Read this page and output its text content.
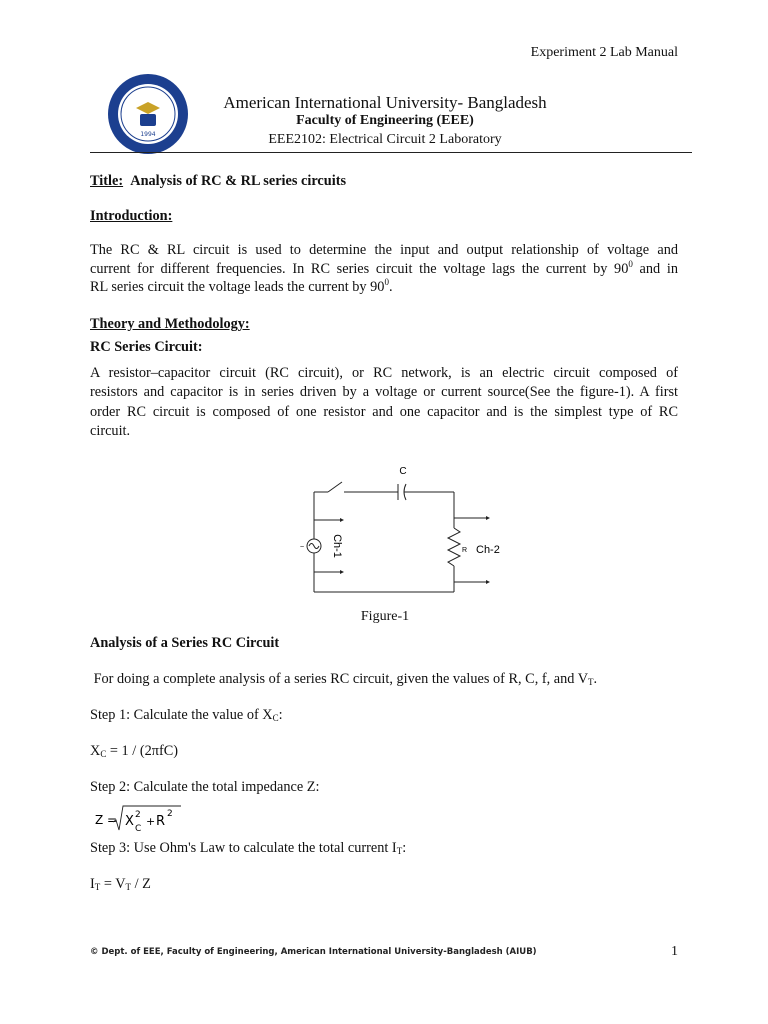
Experiment 2 Lab Manual
1994
American International University- Bangladesh
Faculty of Engineering (EEE)
EEE2102: Electrical Circuit 2 Laboratory
Title: Analysis of RC & RL series circuits
Introduction:
The RC & RL circuit is used to determine the input and output relationship of voltage and
current for different frequencies. In RC series circuit the voltage lags the current by $90^0$ and in
RL series circuit the voltage leads the current by $90^0$.
Theory and Methodology:
RC Series Circuit:
A resistor–capacitor circuit (RC circuit), or RC network, is an electric circuit composed of
resistors and capacitor is in series driven by a voltage or current source(See the figure-1). A first
order RC circuit is composed of one resistor and one capacitor and is the simplest type of RC
circuit.
C
R Ch-2
~ Ch-1
Figure-1
Analysis of a Series RC Circuit
For doing a complete analysis of a series RC circuit, given the values of R, C, f, and $V_T$.
Step 1: Calculate the value of $X_C$:
$X_C = 1 / (2\pi fC)$
Step 2: Calculate the total impedance Z:
Z = X 2
C
+ R 2
Step 3: Use Ohm's Law to calculate the total current $I_T$:
$I_T = V_T / Z$
© Dept. of EEE, Faculty of Engineering, American International University-Bangladesh (AIUB)	1
